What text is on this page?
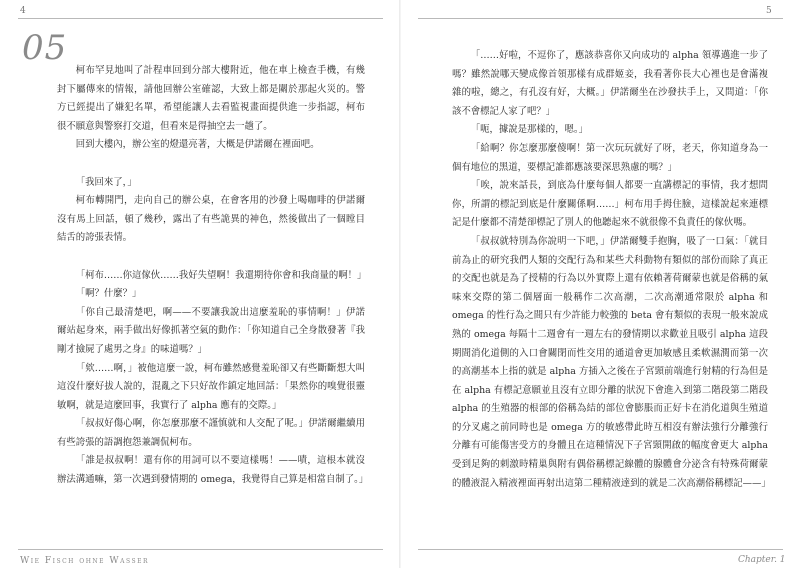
4
05

柯布罕見地叫了計程車回到分部大樓附近，他在車上檢查手機，有幾封下屬傳來的情報，請他回辦公室確認，大致上都是關於那起火災的。警方已經提出了嫌犯名單，希望能讓人去看監視畫面提供進一步指認，柯布很不願意與警察打交道，但看來是得抽空去一趟了。

回到大樓內，辦公室的燈還亮著，大概是伊諾爾在裡面吧。

「我回來了，」

柯布轉開門，走向自己的辦公桌，在會客用的沙發上喝咖啡的伊諾爾沒有馬上回話，頓了幾秒，露出了有些詭異的神色，然後做出了一個瞠目結舌的誇張表情。

「柯布……你這傢伙……我好失望啊！我還期待你會和我商量的啊！」

「啊？什麼？」

「你自己最清楚吧，啊——不要讓我說出這麼羞恥的事情啊！」伊諾爾站起身來，兩手做出好像抓著空氣的動作：「你知道自己全身散發著『我剛才撿屍了處男之身』的味道嗎？」

「欸……啊，」被他這麼一說，柯布雖然感覺羞恥卻又有些斷斷想大叫這沒什麼好拔人說的，混亂之下只好故作鎮定地回話：「果然你的嗅覺很靈敏啊，就是這麼回事，我實行了 alpha 應有的交際。」

「叔叔好傷心啊，你怎麼那麼不謹慎就和人交配了呢。」伊諾爾繼續用有些誇張的語調抱怨兼調侃柯布。

「誰是叔叔啊！還有你的用詞可以不要這樣嗎！——嘖，這根本就沒辦法溝通嘛，第一次遇到發情期的 omega，我覺得自己算是相當自制了。」

Wie Fisch ohne Wasser
5

「……好啦，不逗你了，應該恭喜你又向成功的 alpha 領導邁進一步了嗎？雖然說哪天變成像首領那樣有成群姬妾，我看著你長大心裡也是會滿複雜的啦，總之，有孔沒有好，大概。」伊諾爾坐在沙發扶手上，又問道：「你該不會標記人家了吧？」

「呃，據說是那樣的，嗯。」

「給啊？你怎麼那麼傻啊！第一次玩玩就好了呀，老天，你知道身為一個有地位的黑道，要標記誰都應該要深思熟慮的嗎？」

「唉，說來話長，到底為什麼每個人都要一直講標記的事情，我才想問你，所謂的標記到底是什麼關係啊……」柯布用手拇住臉，這樣說起來連標記是什麼都不清楚卻標記了別人的他聽起來不就很像不負責任的傢伙嗎。

「叔叔就特別為你說明一下吧，」伊諾爾雙手抱胸，吸了一口氣：「就目前為止的研究我們人類的交配行為和某些犬科動物有類似的部份而除了真正的交配也就是為了授精的行為以外實際上還有依賴著荷爾蒙也就是俗稱的氣味來交際的第二個層面一般稱作二次高潮，二次高潮通常限於 alpha 和 omega 的性行為之間只有少許能力較強的 beta 會有類似的表現一般來說成熟的 omega 每隔十二週會有一週左右的發情期以求歡並且吸引 alpha 這段期間消化道側的入口會關閉而性交用的通道會更加敏感且柔軟濕潤而第一次的高潮基本上指的就是 alpha 方插入之後在子宮頸前端進行射精的行為但是在 alpha 有標記意願並且沒有立即分離的狀況下會進入到第二階段第二階段 alpha 的生殖器的根部的俗稱為結的部位會膨脹而正好卡在消化道與生殖道的分叉處之前同時也是 omega 方的敏感帶此時互相沒有辦法強行分離強行分離有可能傷害受方的身體且在這種情況下子宮頸開啟的幅度會更大 alpha 受到足夠的刺激時精巢與附有偶俗稱標記線體的腺體會分泌含有特殊荷爾蒙的體液混入精液裡面再射出這第二種精液達到的就是二次高潮俗稱標記——」

Chapter. 1
